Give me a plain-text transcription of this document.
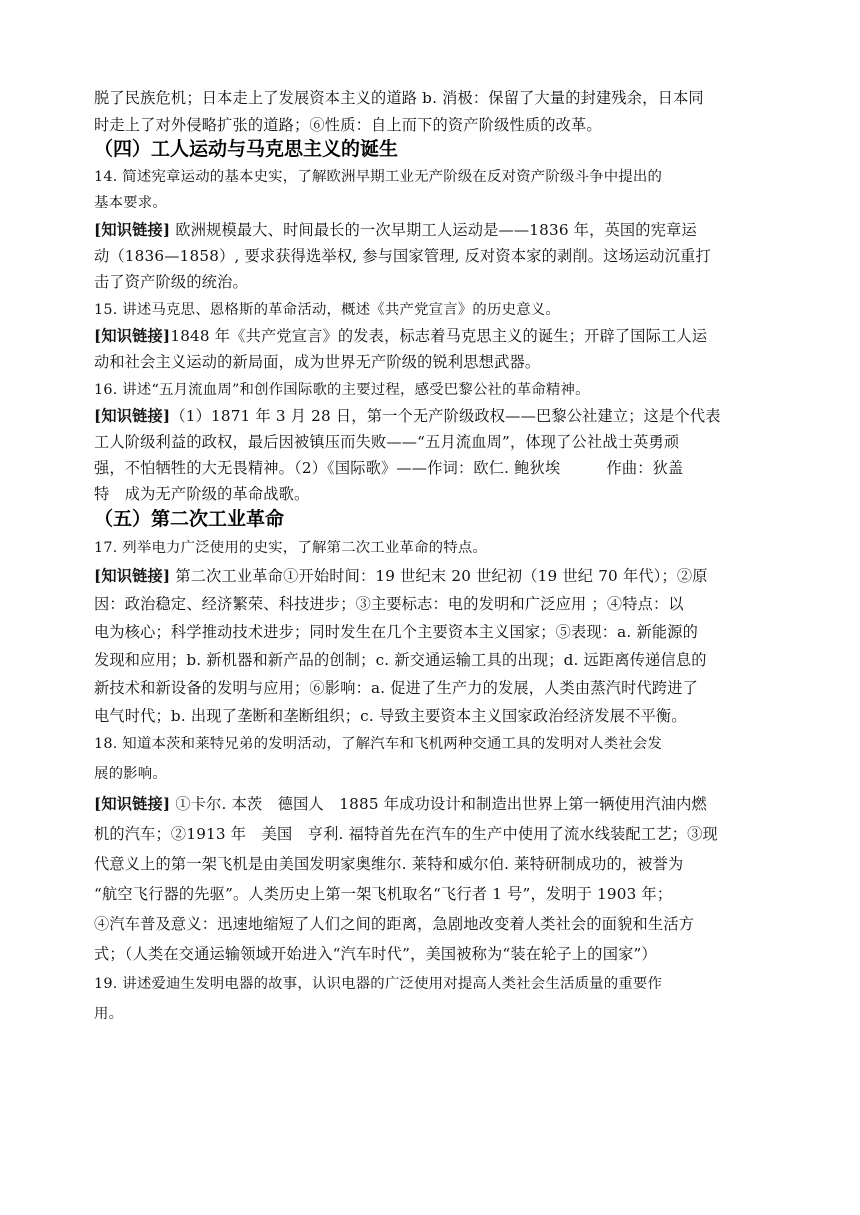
脱了民族危机；日本走上了发展资本主义的道路 b. 消极：保留了大量的封建残余，日本同
时走上了对外侵略扩张的道路；⑥性质：自上而下的资产阶级性质的改革。
（四）工人运动与马克思主义的诞生
14. 简述宪章运动的基本史实，了解欧洲早期工业无产阶级在反对资产阶级斗争中提出的
基本要求。
[知识链接] 欧洲规模最大、时间最长的一次早期工人运动是——1836 年，英国的宪章运
动（1836—1858）, 要求获得选举权, 参与国家管理, 反对资本家的剥削。这场运动沉重打
击了资产阶级的统治。
15. 讲述马克思、恩格斯的革命活动，概述《共产党宣言》的历史意义。
[知识链接]1848 年《共产党宣言》的发表，标志着马克思主义的诞生；开辟了国际工人运
动和社会主义运动的新局面，成为世界无产阶级的锐利思想武器。
16. 讲述“五月流血周”和创作国际歌的主要过程，感受巴黎公社的革命精神。
[知识链接]（1）1871 年 3 月 28 日，第一个无产阶级政权——巴黎公社建立；这是个代表
工人阶级利益的政权，最后因被镇压而失败——“五月流血周”，体现了公社战士英勇顽
强，不怕牺牲的大无畏精神。（2）《国际歌》——作词：欧仁. 鲍狄埃　　　作曲：狄盖
特　成为无产阶级的革命战歌。
（五）第二次工业革命
17. 列举电力广泛使用的史实，了解第二次工业革命的特点。
[知识链接] 第二次工业革命①开始时间：19 世纪末 20 世纪初（19 世纪 70 年代）；②原
因：政治稳定、经济繁荣、科技进步；③主要标志：电的发明和广泛应用 ；④特点：以
电为核心；科学推动技术进步；同时发生在几个主要资本主义国家；⑤表现：a. 新能源的
发现和应用；b. 新机器和新产品的创制；c. 新交通运输工具的出现；d. 远距离传递信息的
新技术和新设备的发明与应用；⑥影响：a. 促进了生产力的发展，人类由蒸汽时代跨进了
电气时代；b. 出现了垄断和垄断组织；c. 导致主要资本主义国家政治经济发展不平衡。
18. 知道本茨和莱特兄弟的发明活动，了解汽车和飞机两种交通工具的发明对人类社会发
展的影响。
[知识链接] ①卡尔. 本茨　德国人　1885 年成功设计和制造出世界上第一辆使用汽油内燃
机的汽车；②1913 年　美国　亨利. 福特首先在汽车的生产中使用了流水线装配工艺；③现
代意义上的第一架飞机是由美国发明家奥维尔. 莱特和威尔伯. 莱特研制成功的，被誉为
“航空飞行器的先驱”。人类历史上第一架飞机取名“飞行者 1 号”，发明于 1903 年；
④汽车普及意义：迅速地缩短了人们之间的距离，急剧地改变着人类社会的面貌和生活方
式；（人类在交通运输领域开始进入“汽车时代”，美国被称为“装在轮子上的国家”）
19. 讲述爱迪生发明电器的故事，认识电器的广泛使用对提高人类社会生活质量的重要作
用。
